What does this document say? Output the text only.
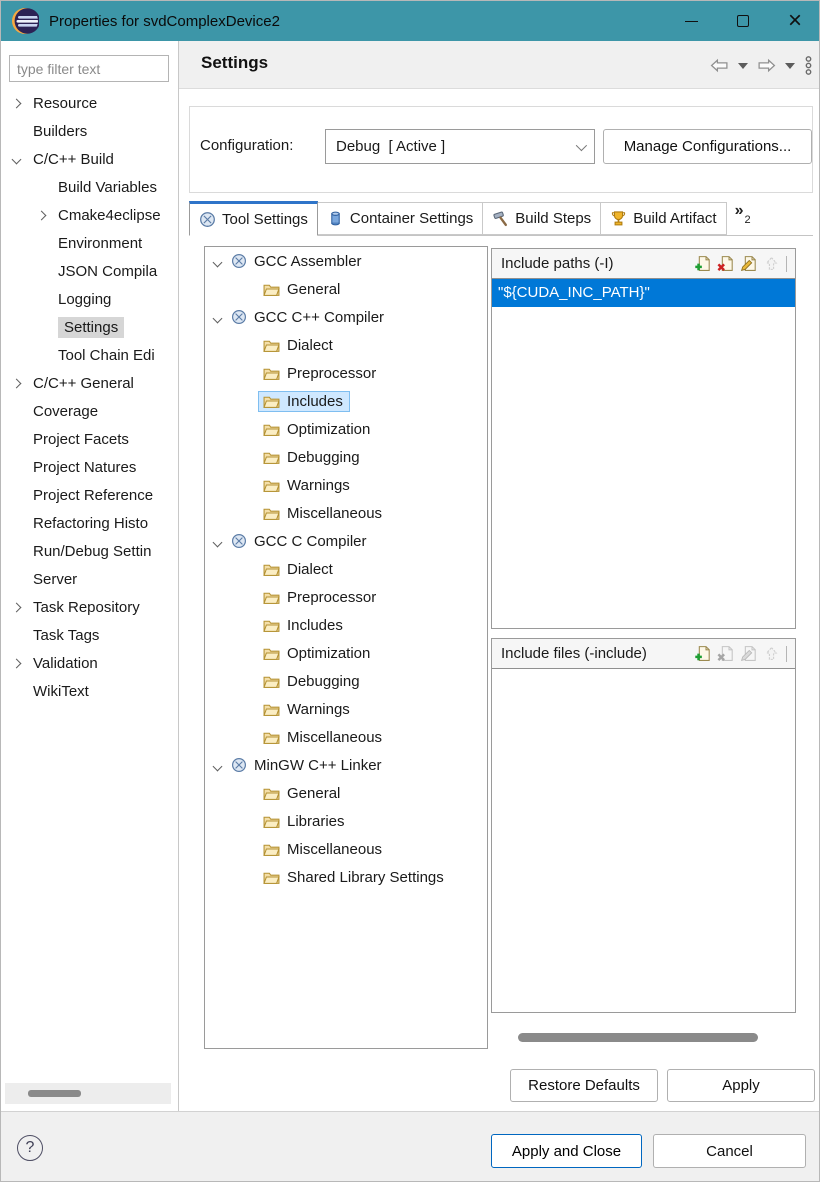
Properties for svdComplexDevice2	×
type filter text
Resource
Builders
C/C++ Build
Build Variables
Cmake4eclipse
Environment
JSON Compila
Logging
Settings
Tool Chain Edi
C/C++ General
Coverage
Project Facets
Project Natures
Project Reference
Refactoring Histo
Run/Debug Settin
Server
Task Repository
Task Tags
Validation
WikiText
Settings
Configuration:	Debug  [ Active ]	Manage Configurations...
Tool Settings	Container Settings	Build Steps	Build Artifact »
2
GCC Assembler
General
GCC C++ Compiler
Dialect
Preprocessor
Includes
Optimization
Debugging
Warnings
Miscellaneous
GCC C Compiler
Dialect
Preprocessor
Includes
Optimization
Debugging
Warnings
Miscellaneous
MinGW C++ Linker
General
Libraries
Miscellaneous
Shared Library Settings
Include paths (-I)
"${CUDA_INC_PATH}"
Include files (-include)
Restore Defaults	Apply
?	Apply and Close	Cancel
